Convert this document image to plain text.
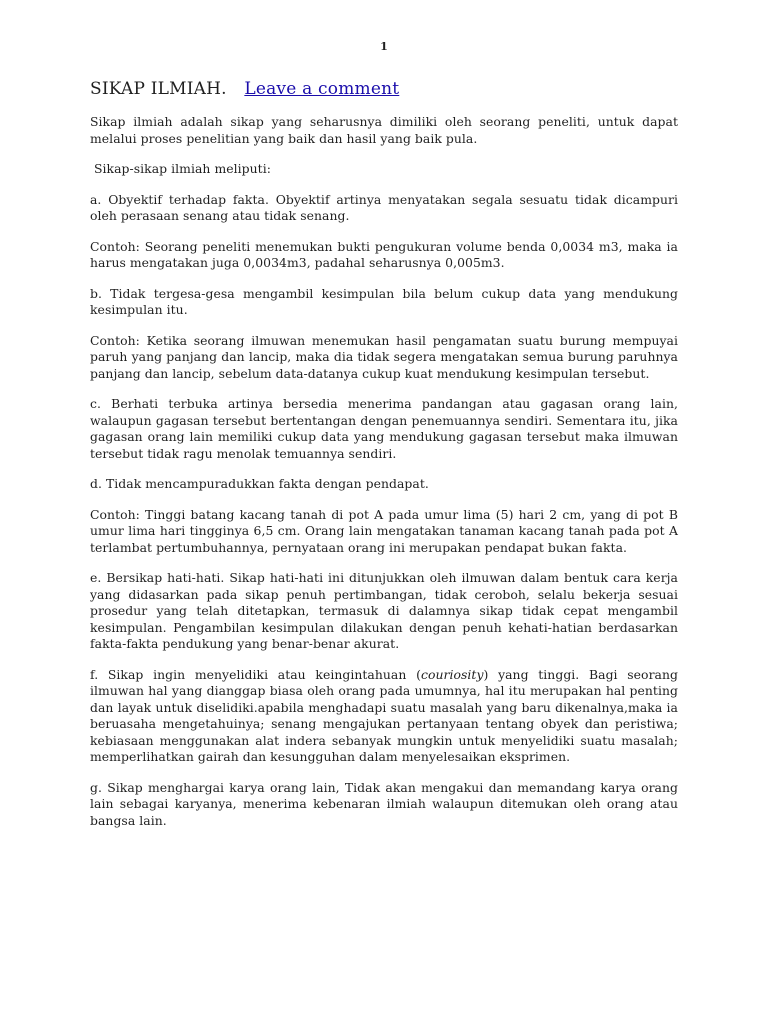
1
SIKAP ILMIAH. Leave a comment

Sikap ilmiah adalah sikap yang seharusnya dimiliki oleh seorang peneliti, untuk dapat melalui proses penelitian yang baik dan hasil yang baik pula.

Sikap-sikap ilmiah meliputi:

a. Obyektif terhadap fakta. Obyektif artinya menyatakan segala sesuatu tidak dicampuri oleh perasaan senang atau tidak senang.

Contoh: Seorang peneliti menemukan bukti pengukuran volume benda 0,0034 m3, maka ia harus mengatakan juga 0,0034m3, padahal seharusnya 0,005m3.

b. Tidak tergesa-gesa mengambil kesimpulan bila belum cukup data yang mendukung kesimpulan itu.

Contoh: Ketika seorang ilmuwan menemukan hasil pengamatan suatu burung mempuyai paruh yang panjang dan lancip, maka dia tidak segera mengatakan semua burung paruhnya panjang dan lancip, sebelum data-datanya cukup kuat mendukung kesimpulan tersebut.

c. Berhati terbuka artinya bersedia menerima pandangan atau gagasan orang lain, walaupun gagasan tersebut bertentangan dengan penemuannya sendiri. Sementara itu, jika gagasan orang lain memiliki cukup data yang mendukung gagasan tersebut maka ilmuwan tersebut tidak ragu menolak temuannya sendiri.

d. Tidak mencampuradukkan fakta dengan pendapat.

Contoh: Tinggi batang kacang tanah di pot A pada umur lima (5) hari 2 cm, yang di pot B umur lima hari tingginya 6,5 cm. Orang lain mengatakan tanaman kacang tanah pada pot A terlambat pertumbuhannya, pernyataan orang ini merupakan pendapat bukan fakta.

e. Bersikap hati-hati. Sikap hati-hati ini ditunjukkan oleh ilmuwan dalam bentuk cara kerja yang didasarkan pada sikap penuh pertimbangan, tidak ceroboh, selalu bekerja sesuai prosedur yang telah ditetapkan, termasuk di dalamnya sikap tidak cepat mengambil kesimpulan. Pengambilan kesimpulan dilakukan dengan penuh kehati-hatian berdasarkan fakta-fakta pendukung yang benar-benar akurat.

f. Sikap ingin menyelidiki atau keingintahuan (couriosity) yang tinggi. Bagi seorang ilmuwan hal yang dianggap biasa oleh orang pada umumnya, hal itu merupakan hal penting dan layak untuk diselidiki.apabila menghadapi suatu masalah yang baru dikenalnya,maka ia beruasaha mengetahuinya; senang mengajukan pertanyaan tentang obyek dan peristiwa; kebiasaan menggunakan alat indera sebanyak mungkin untuk menyelidiki suatu masalah; memperlihatkan gairah dan kesungguhan dalam menyelesaikan eksprimen.

g. Sikap menghargai karya orang lain, Tidak akan mengakui dan memandang karya orang lain sebagai karyanya, menerima kebenaran ilmiah walaupun ditemukan oleh orang atau bangsa lain.
